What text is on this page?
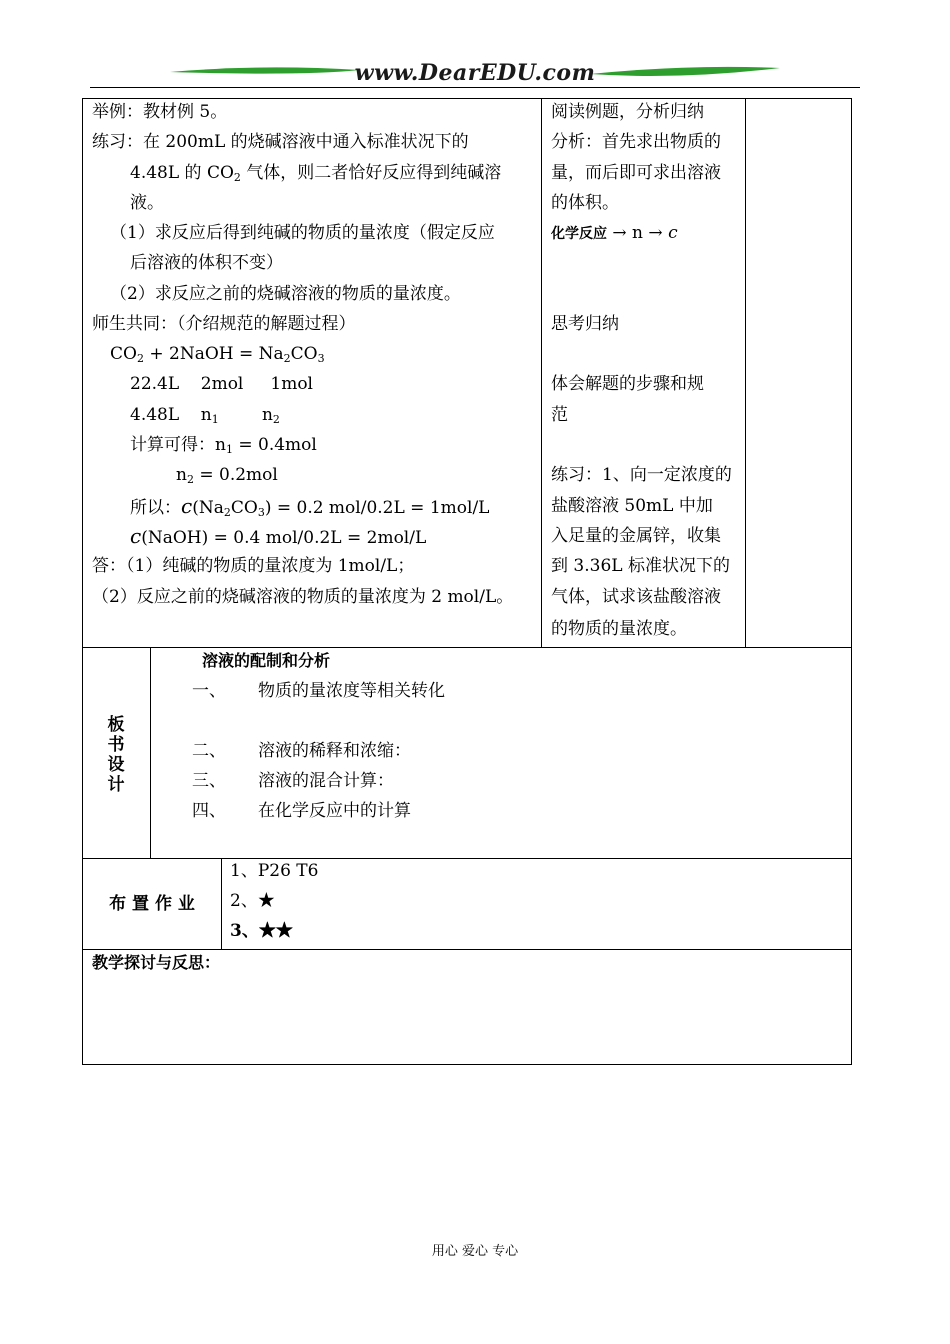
www.DearEDU.com
举例：教材例 5。
练习：在 200mL 的烧碱溶液中通入标准状况下的
4.48L 的 $CO_2$ 气体，则二者恰好反应得到纯碱溶
液。
（1）求反应后得到纯碱的物质的量浓度（假定反应
后溶液的体积不变）
（2）求反应之前的烧碱溶液的物质的量浓度。
师生共同：（介绍规范的解题过程）
$CO_2$ + 2NaOH = $Na_2CO_3$
22.4L    2mol     1mol
4.48L    $n_1$        $n_2$
计算可得：$n_1 = 0.4mol$
$n_2 = 0.2mol$
所以：$c(Na_2CO_3) = 0.2$ mol/0.2L = 1mol/L
c(NaOH) = 0.4 mol/0.2L = 2mol/L
答：（1）纯碱的物质的量浓度为 1mol/L；
（2）反应之前的烧碱溶液的物质的量浓度为 2 mol/L。
阅读例题，分析归纳
分析：首先求出物质的
量，而后即可求出溶液
的体积。
化学反应 → n → c
思考归纳
体会解题的步骤和规
范
练习：1、向一定浓度的
盐酸溶液 50mL 中加
入足量的金属锌，收集
到 3.36L 标准状况下的
气体，试求该盐酸溶液
的物质的量浓度。
板
书
设
计
溶液的配制和分析
一、 物质的量浓度等相关转化
二、 溶液的稀释和浓缩：
三、 溶液的混合计算：
四、 在化学反应中的计算
布 置 作 业
1、P26 T6
2、★
3、★★
教学探讨与反思：
用心 爱心 专心
